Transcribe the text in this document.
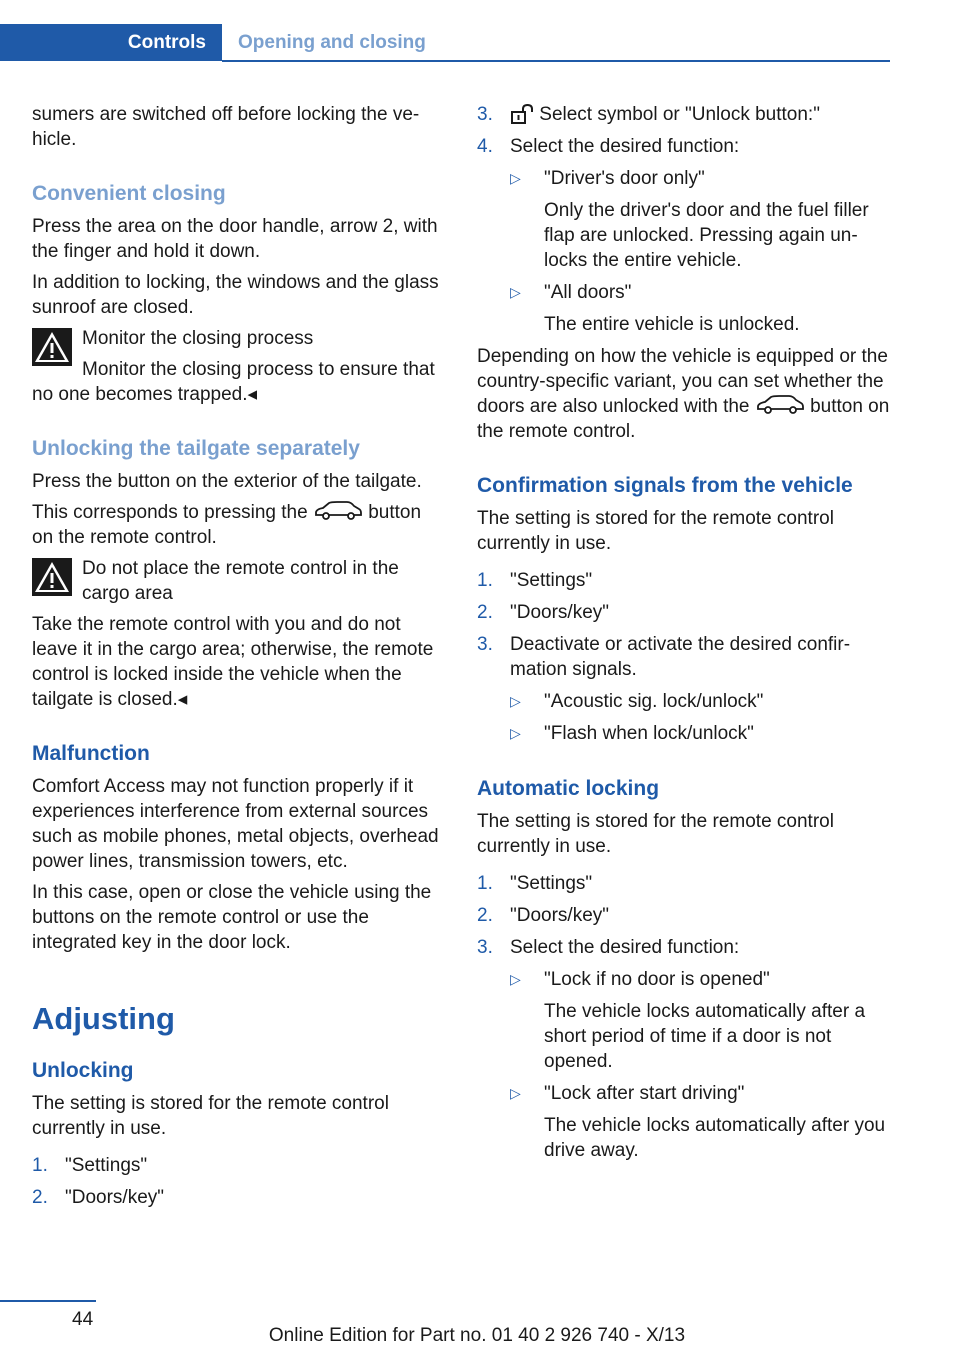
Controls	Opening and closing

sumers are switched off before locking the vehicle.

Convenient closing

Press the area on the door handle, arrow 2, with the finger and hold it down.

In addition to locking, the windows and the glass sunroof are closed.

Monitor the closing process

Monitor the closing process to ensure that no one becomes trapped.◂

Unlocking the tailgate separately

Press the button on the exterior of the tailgate.

This corresponds to pressing the	button on the remote control.

Do not place the remote control in the cargo area

Take the remote control with you and do not leave it in the cargo area; otherwise, the remote control is locked inside the vehicle when the tailgate is closed.◂

Malfunction

Comfort Access may not function properly if it experiences interference from external sources such as mobile phones, metal objects, overhead power lines, transmission towers, etc.

In this case, open or close the vehicle using the buttons on the remote control or use the integrated key in the door lock.

Adjusting
Unlocking

The setting is stored for the remote control currently in use.

1. "Settings"
2. "Doors/key"
3. Select symbol or "Unlock button:"
4. Select the desired function:
▷ "Driver's door only"
Only the driver's door and the fuel filler flap are unlocked. Pressing again unlocks the entire vehicle.
▷ "All doors"
The entire vehicle is unlocked.

Depending on how the vehicle is equipped or the country-specific variant, you can set whether the doors are also unlocked with the	button on the remote control.

Confirmation signals from the vehicle

The setting is stored for the remote control currently in use.

1. "Settings"
2. "Doors/key"
3. Deactivate or activate the desired confirmation signals.
▷ "Acoustic sig. lock/unlock"
▷ "Flash when lock/unlock"
Automatic locking

The setting is stored for the remote control currently in use.

1. "Settings"
2. "Doors/key"
3. Select the desired function:
▷ "Lock if no door is opened"
The vehicle locks automatically after a short period of time if a door is not opened.
▷ "Lock after start driving"
The vehicle locks automatically after you drive away.
44
Online Edition for Part no. 01 40 2 926 740 - X/13
